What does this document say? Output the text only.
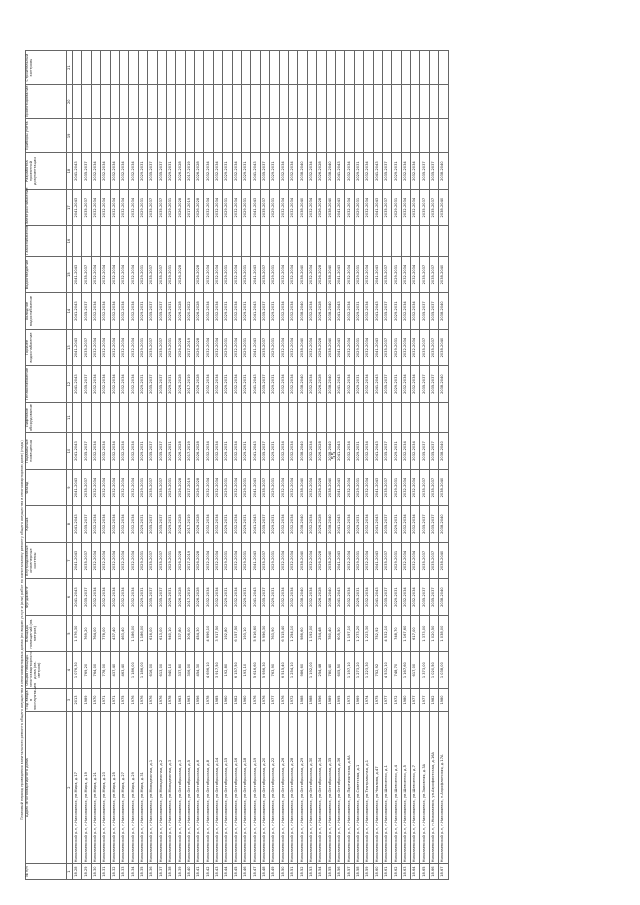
55
Плановый период проведения капитального ремонта общего имущества в многоквартирных домах (по видам услуг и (или) работ по капитальному ремонту общего имущества в многоквартирном доме) (годы)
№ п/п	Адрес многоквартирного дома	Год ввода в эксплуатацию	Общая площадь многоквартирного дома (кв. метров)	Площадь помещений (кв. метров)	Фундамент	Внутридомовые инженерные системы	Крыша	Фасад	Подвальные помещения	Лифтовое оборудование	Теплоснабжение	Горячее водоснабжение	Холодное водоснабжение	Водоотведение	Газоснабжение	Электроснабжение	Разработка проектной документации	Приборы учета	Проектирование	Строительный контроль
1	2	3	4	5	6	7	8	9	10	11	12	13	14	15	16	17	18	19	20	21
18.28	Николаевский р-н, г.Николаевск, ул.Мира, д.17	2013	1 076,30	1 076,30	2041-2043	2041-2043	2041-2043	2041-2043	2041-2043		2041-2043	2041-2043	2041-2043	2041-2043		2041-2043	2041-2043			
18.29	Николаевский р-н, г.Николаевск, ул.Мира, д.19	1989	769,20	769,20	2035-2037	2035-2037	2035-2037	2035-2037	2035-2037		2035-2037	2035-2037	2035-2037	2035-2037		2035-2037	2035-2037			
18.30	Николаевский р-н, г.Николаевск, ул.Мира, д.21	1970	764,00	764,00	2032-2034	2032-2034	2032-2034	2032-2034	2032-2034		2032-2034	2032-2034	2032-2034	2032-2034		2032-2034	2032-2034			
18.31	Николаевский р-н, г.Николаевск, ул.Мира, д.23	1971	778,00	778,00	2032-2034	2032-2034	2032-2034	2032-2034	2032-2034		2032-2034	2032-2034	2032-2034	2032-2034		2032-2034	2032-2034			
18.32	Николаевский р-н, г.Николаевск, ул.Мира, д.25	1971	437,40	437,40	2032-2034	2032-2034	2032-2034	2032-2034	2032-2034		2032-2034	2032-2034	2032-2034	2032-2034		2032-2034	2032-2034			
18.33	Николаевский р-н, г.Николаевск, ул.Мира, д.27	1975	463,40	463,40	2032-2034	2032-2034	2032-2034	2032-2034	2032-2034		2032-2034	2032-2034	2032-2034	2032-2034		2032-2034	2032-2034			
18.34	Николаевский р-н, г.Николаевск, ул.Мира, д.29	1976	1 186,00	1 186,00	2032-2034	2032-2034	2032-2034	2032-2034	2032-2034		2032-2034	2032-2034	2032-2034	2032-2034		2032-2034	2032-2034			
18.35	Николаевский р-н, г.Николаевск, ул.Мира, д.31	1976	1 186,00	1 186,00	2029-2031	2029-2031	2029-2031	2029-2031	2029-2031		2029-2031	2029-2031	2029-2031	2029-2031		2029-2031	2029-2031			
18.36	Николаевский р-н, г.Николаевск, ул.Молодежная, д.1	1976	616,00	616,00	2035-2037	2035-2037	2035-2037	2035-2037	2035-2037		2035-2037	2035-2037	2035-2037	2035-2037		2035-2037	2035-2037			
18.37	Николаевский р-н, г.Николаевск, ул.Молодежная, д.2	1976	613,00	613,00	2035-2037	2035-2037	2035-2037	2035-2037	2035-2037		2035-2037	2035-2037	2035-2037	2035-2037		2035-2037	2035-2037			
18.38	Николаевский р-н, г.Николаевск, ул.Молодежная, д.3	1978	940,10	940,10	2029-2031	2029-2031	2029-2031	2029-2031	2029-2031		2029-2031	2029-2031	2029-2031	2029-2031		2029-2031	2029-2031			
18.39	Николаевский р-н, г.Николаевск, ул.Октябрьская, д.3	1963	337,80	337,80	2026-2028	2026-2028	2026-2028	2026-2028	2026-2028		2026-2028	2026-2028	2026-2028	2026-2028		2026-2028	2026-2028			
18.40	Николаевский р-н, г.Николаевск, ул.Октябрьская, д.5	1963	306,00	306,00	2017-2019	2017-2019	2017-2019	2017-2019	2017-2019		2017-2019	2017-2019	2020-2022			2017-2019	2017-2019			
18.41	Николаевский р-н, г.Николаевск, ул.Октябрьская, д.6	1956	454,30	454,30	2026-2028	2026-2028	2026-2028	2026-2028	2026-2028		2026-2028	2026-2028	2026-2028	2026-2028		2026-2028	2026-2028			
18.42	Николаевский р-н, г.Николаевск, ул.Октябрьская, д.8	1978	4 696,10	4 696,10	2032-2034	2032-2034	2032-2034	2032-2034	2032-2034		2032-2034	2032-2034	2032-2034	2032-2034		2032-2034	2032-2034			
18.43	Николаевский р-н, г.Николаевск, ул.Октябрьская, д.14	1985	3 917,50	3 917,50	2032-2034	2032-2034	2032-2034	2032-2034	2032-2034		2032-2034	2032-2034	2032-2034	2032-2034		2032-2034	2032-2034			
18.44	Николаевский р-н, г.Николаевск, ул.Октябрьская, д.15	1960	192,80	192,80	2029-2031	2029-2031	2029-2031	2029-2031	2029-2031		2029-2031	2029-2031	2029-2031	2029-2031		2029-2031	2029-2031			
18.45	Николаевский р-н, г.Николаевск, ул.Октябрьская, д.16	1982	6 157,50	6 157,50	2032-2034	2032-2034	2032-2034	2032-2034	2032-2034		2032-2034	2032-2034	2032-2034	2032-2034		2032-2034	2032-2034			
18.46	Николаевский р-н, г.Николаевск, ул.Октябрьская, д.18	1960	193,10	193,10	2029-2031	2029-2031	2029-2031	2029-2031	2029-2031		2029-2031	2029-2031	2029-2031	2029-2031		2029-2031	2029-2031			
18.47	Николаевский р-н, г.Николаевск, ул.Октябрьская, д.19	1976	5 616,60	5 616,60	2041-2043	2041-2043	2041-2043	2041-2043	2041-2043		2041-2043	2041-2043	2041-2043	2041-2043		2041-2043	2041-2043			
18.48	Николаевский р-н, г.Николаевск, ул.Октябрьская, д.20	1976	5 956,30	5 956,30	2035-2037	2035-2037	2035-2037	2035-2037	2035-2037		2035-2037	2035-2037	2035-2037	2035-2037		2035-2037	2035-2037			
18.49	Николаевский р-н, г.Николаевск, ул.Октябрьская, д.22	1977	763,90	763,90	2029-2031	2029-2031	2029-2031	2029-2031	2029-2031		2029-2031	2029-2031	2029-2031	2029-2031		2029-2031	2029-2031			
18.50	Николаевский р-н, г.Николаевск, ул.Октябрьская, д.26	1976	6 515,40	6 515,40	2032-2034	2032-2034	2032-2034	2032-2034	2032-2034		2032-2034	2032-2034	2032-2034	2032-2034		2032-2034	2032-2034			
18.51	Николаевский р-н, г.Николаевск, ул.Октябрьская, д.28	1972	1 254,10	1 254,10	2032-2034	2032-2034	2032-2034	2032-2034	2032-2034		2032-2034	2032-2034	2032-2034	2032-2034		2032-2034	2032-2034			
18.52	Николаевский р-н, г.Николаевск, ул.Октябрьская, д.29	1988	986,60	986,60	2038-2040	2038-2040	2038-2040	2038-2040	2038-2040		2038-2040	2038-2040	2038-2040	2038-2040		2038-2040	2038-2040			
18.53	Николаевский р-н, г.Николаевск, ул.Октябрьская, д.30	1988	1 192,00	1 192,00	2032-2034	2032-2034	2032-2034	2032-2034	2032-2034		2032-2034	2032-2034	2032-2034	2032-2034		2032-2034	2032-2034			
18.54	Николаевский р-н, г.Николаевск, ул.Октябрьская, д.34	1956	254,48	254,48	2026-2028	2026-2028	2026-2028	2026-2028	2026-2028		2026-2028	2026-2028	2026-2028	2026-2028		2026-2028	2026-2028			
18.55	Николаевский р-н, г.Николаевск, ул.Октябрьская, д.35	1989	780,40	780,40	2038-2040	2038-2040	2038-2040	2038-2040	2038-2040		2038-2040	2038-2040	2038-2040	2038-2040		2038-2040	2038-2040			
18.56	Николаевский р-н, г.Николаевск, ул.Октябрьская, д.36	1995	605,50	605,50	2041-2043	2041-2043	2041-2043	2041-2043	2041-2043		2041-2043	2041-2043	2041-2043	2041-2043		2041-2043	2041-2043			
18.57	Николаевский р-н, г.Николаевск, ул.Партизанская, д.6А	1973	1 197,10	1 197,10	2032-2034	2032-2034	2032-2034	2032-2034	2032-2034		2032-2034	2032-2034	2032-2034	2032-2034		2032-2034	2032-2034			
18.58	Николаевский р-н, г.Николаевск, ул.Советская, д.1	1969	1 273,20	1 273,20	2029-2031	2029-2031	2029-2031	2029-2031	2029-2031		2029-2031	2029-2031	2029-2031	2029-2031		2029-2031	2029-2031			
18.59	Николаевский р-н, г.Николаевск, ул.Театральная, д.1	1974	1 223,30	1 223,30	2032-2034	2032-2034	2032-2034	2032-2034	2032-2034		2032-2034	2032-2034	2032-2034	2032-2034		2032-2034	2032-2034			
18.60	Николаевский р-н, г.Николаевск, ул.Чкалова, д.47	1975	752,92	752,92	2041-2043	2041-2043	2041-2043	2041-2043	2041-2043		2041-2043	2041-2043	2041-2043	2041-2043		2041-2043	2041-2043			
18.61	Николаевский р-н, г.Николаевск, ул.Шевченко, д.1	1977	4 532,10	4 532,10	2035-2037	2035-2037	2035-2037	2035-2037	2035-2037		2035-2037	2035-2037	2035-2037	2035-2037		2035-2037	2035-2037			
18.62	Николаевский р-н, г.Николаевск, ул.Шевченко, д.4	1972	748,70	748,70	2029-2031	2029-2031	2029-2031	2029-2031	2029-2031		2029-2031	2029-2031	2029-2031	2029-2031		2029-2031	2029-2031			
18.63	Николаевский р-н, г.Николаевск, ул.Шевченко, д.5	1980	1 167,60	1 167,60	2032-2034	2032-2034	2032-2034	2032-2034	2032-2034		2032-2034	2032-2034	2032-2034	2032-2034		2032-2034	2032-2034			
18.64	Николаевский р-н, г.Николаевск, ул.Шевченко, д.7	1977	617,00	617,00	2032-2034	2032-2034	2032-2034	2032-2034	2032-2034		2032-2034	2032-2034	2032-2034	2032-2034		2032-2034	2032-2034			
18.65	Николаевский р-н, г.Николаевск, ул.Заливная, д.3А	1977	1 373,00	1 373,00	2035-2037	2035-2037	2035-2037	2035-2037	2035-2037		2035-2037	2035-2037	2035-2037	2035-2037		2035-2037	2035-2037			
18.66	Николаевский р-н, п.Николаевск, ул.Аэрофлотская, д.16А	1982	1 020,50	1 020,50	2035-2037	2035-2037	2035-2037	2035-2037	2035-2037		2035-2037	2035-2037	2035-2037	2035-2037		2035-2037	2035-2037			
18.67	Николаевский р-н, г.Николаевск, п.Аэрофлотская, д.17А	1980	1 038,00	1 038,00	2038-2040	2038-2040	2038-2040	2038-2040	2038-2040		2038-2040	2038-2040	2038-2040	2038-2040		2038-2040	2038-2040			
